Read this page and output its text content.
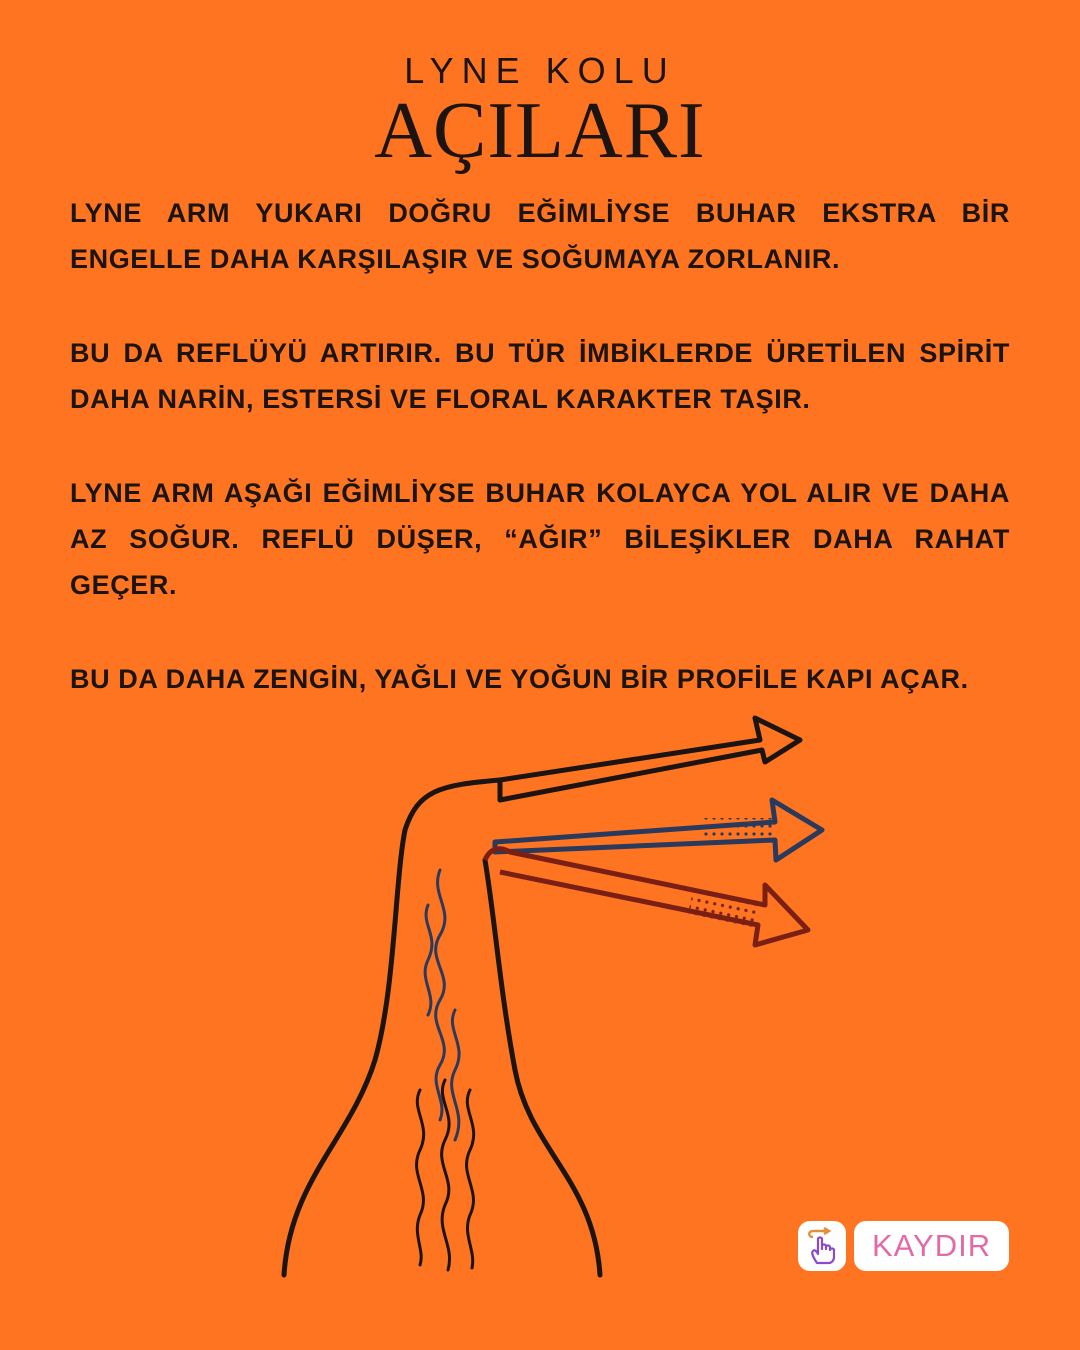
LYNE KOLU
AÇILARI

LYNE ARM YUKARI DOĞRU EĞİMLİYSE BUHAR EKSTRA BİR ENGELLE DAHA KARŞILAŞIR VE SOĞUMAYA ZORLANIR.

BU DA REFLÜYÜ ARTIRIR. BU TÜR İMBİKLERDE ÜRETİLEN SPİRİT DAHA NARİN, ESTERSİ VE FLORAL KARAKTER TAŞIR.

LYNE ARM AŞAĞI EĞİMLİYSE BUHAR KOLAYCA YOL ALIR VE DAHA AZ SOĞUR. REFLÜ DÜŞER, “AĞIR” BİLEŞİKLER DAHA RAHAT GEÇER.

BU DA DAHA ZENGİN, YAĞLI VE YOĞUN BİR PROFİLE KAPI AÇAR.

KAYDIR
